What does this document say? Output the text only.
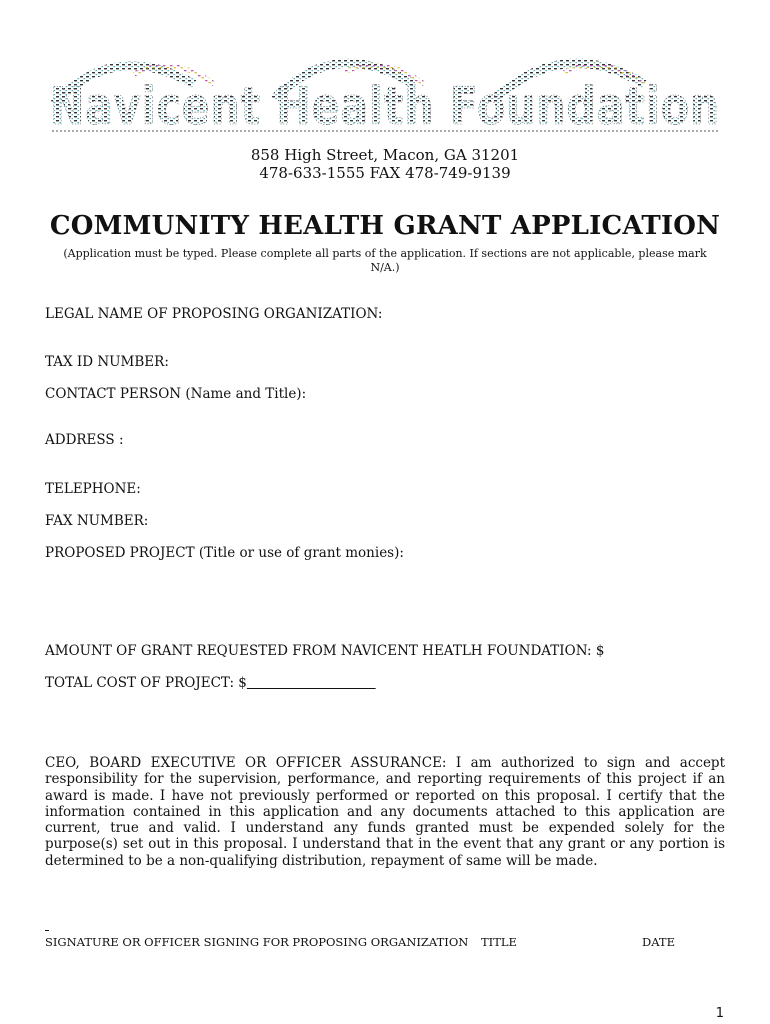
Navicent Health Foundation
858 High Street, Macon, GA 31201
478-633-1555 FAX 478-749-9139
COMMUNITY HEALTH GRANT APPLICATION
(Application must be typed. Please complete all parts of the application. If sections are not applicable, please mark N/A.)
LEGAL NAME OF PROPOSING ORGANIZATION:
TAX ID NUMBER:
CONTACT PERSON (Name and Title):
ADDRESS :
TELEPHONE:
FAX NUMBER:
PROPOSED PROJECT (Title or use of grant monies):
AMOUNT OF GRANT REQUESTED FROM NAVICENT HEATLH FOUNDATION: $
TOTAL COST OF PROJECT: $
CEO, BOARD EXECUTIVE OR OFFICER ASSURANCE: I am authorized to sign and accept responsibility for the supervision, performance, and reporting requirements of this project if an award is made. I have not previously performed or reported on this proposal. I certify that the information contained in this application and any documents attached to this application are current, true and valid. I understand any funds granted must be expended solely for the purpose(s) set out in this proposal. I understand that in the event that any grant or any portion is determined to be a non-qualifying distribution, repayment of same will be made.
SIGNATURE OR OFFICER SIGNING FOR PROPOSING ORGANIZATION TITLE	DATE
1
